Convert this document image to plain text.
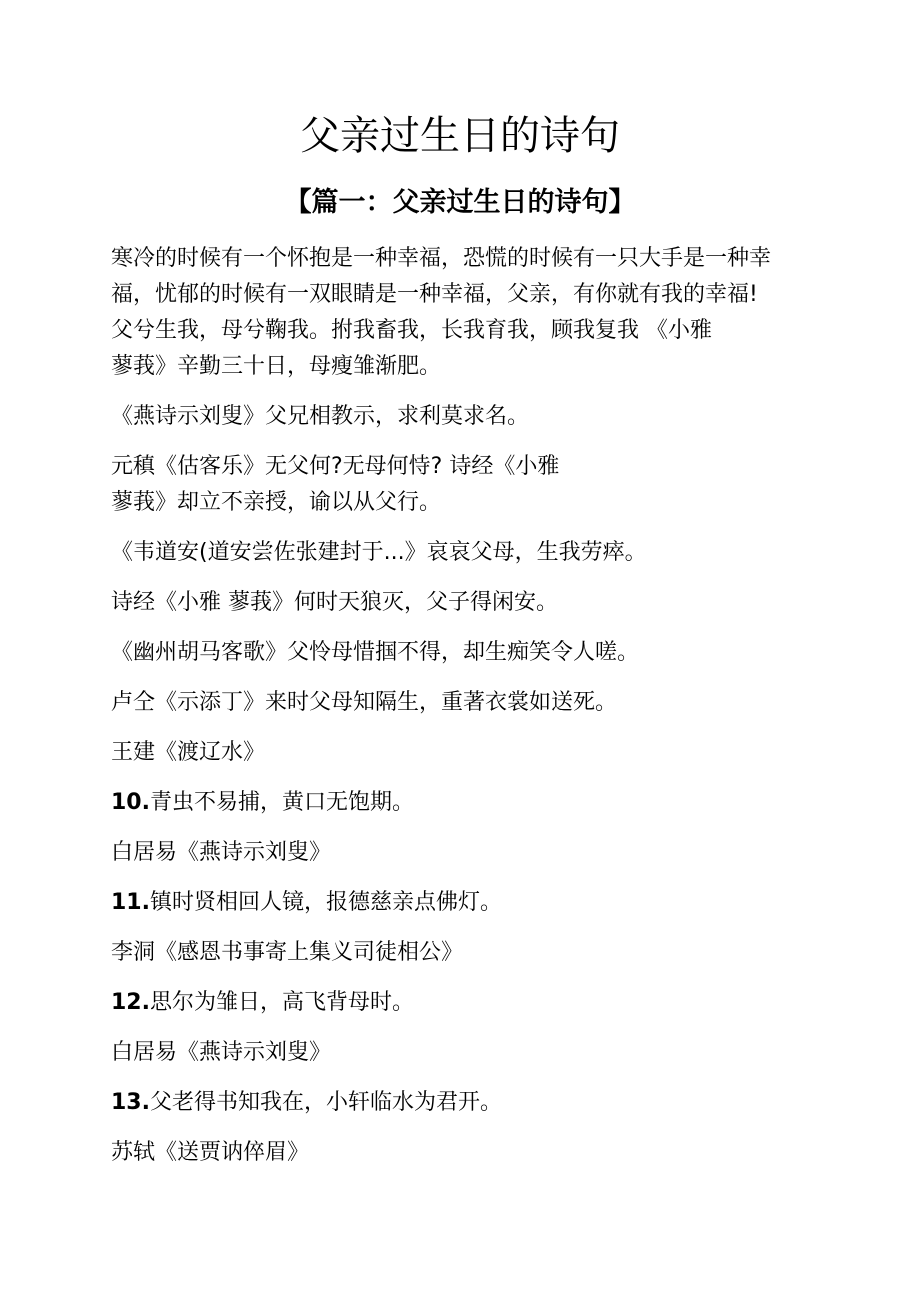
父亲过生日的诗句
【篇一：父亲过生日的诗句】

寒冷的时候有一个怀抱是一种幸福，恐慌的时候有一只大手是一种幸
福，忧郁的时候有一双眼睛是一种幸福，父亲，有你就有我的幸福!
父兮生我，母兮鞠我。拊我畜我，长我育我，顾我复我 《小雅
蓼莪》辛勤三十日，母瘦雏渐肥。

《燕诗示刘叟》父兄相教示，求利莫求名。

元稹《估客乐》无父何?无母何恃? 诗经《小雅
蓼莪》却立不亲授，谕以从父行。

《韦道安(道安尝佐张建封于...》哀哀父母，生我劳瘁。

诗经《小雅 蓼莪》何时天狼灭，父子得闲安。

《幽州胡马客歌》父怜母惜掴不得，却生痴笑令人嗟。

卢仝《示添丁》来时父母知隔生，重著衣裳如送死。

王建《渡辽水》

10.青虫不易捕，黄口无饱期。

白居易《燕诗示刘叟》

11.镇时贤相回人镜，报德慈亲点佛灯。

李洞《感恩书事寄上集义司徒相公》

12.思尔为雏日，高飞背母时。

白居易《燕诗示刘叟》

13.父老得书知我在，小轩临水为君开。

苏轼《送贾讷倅眉》
